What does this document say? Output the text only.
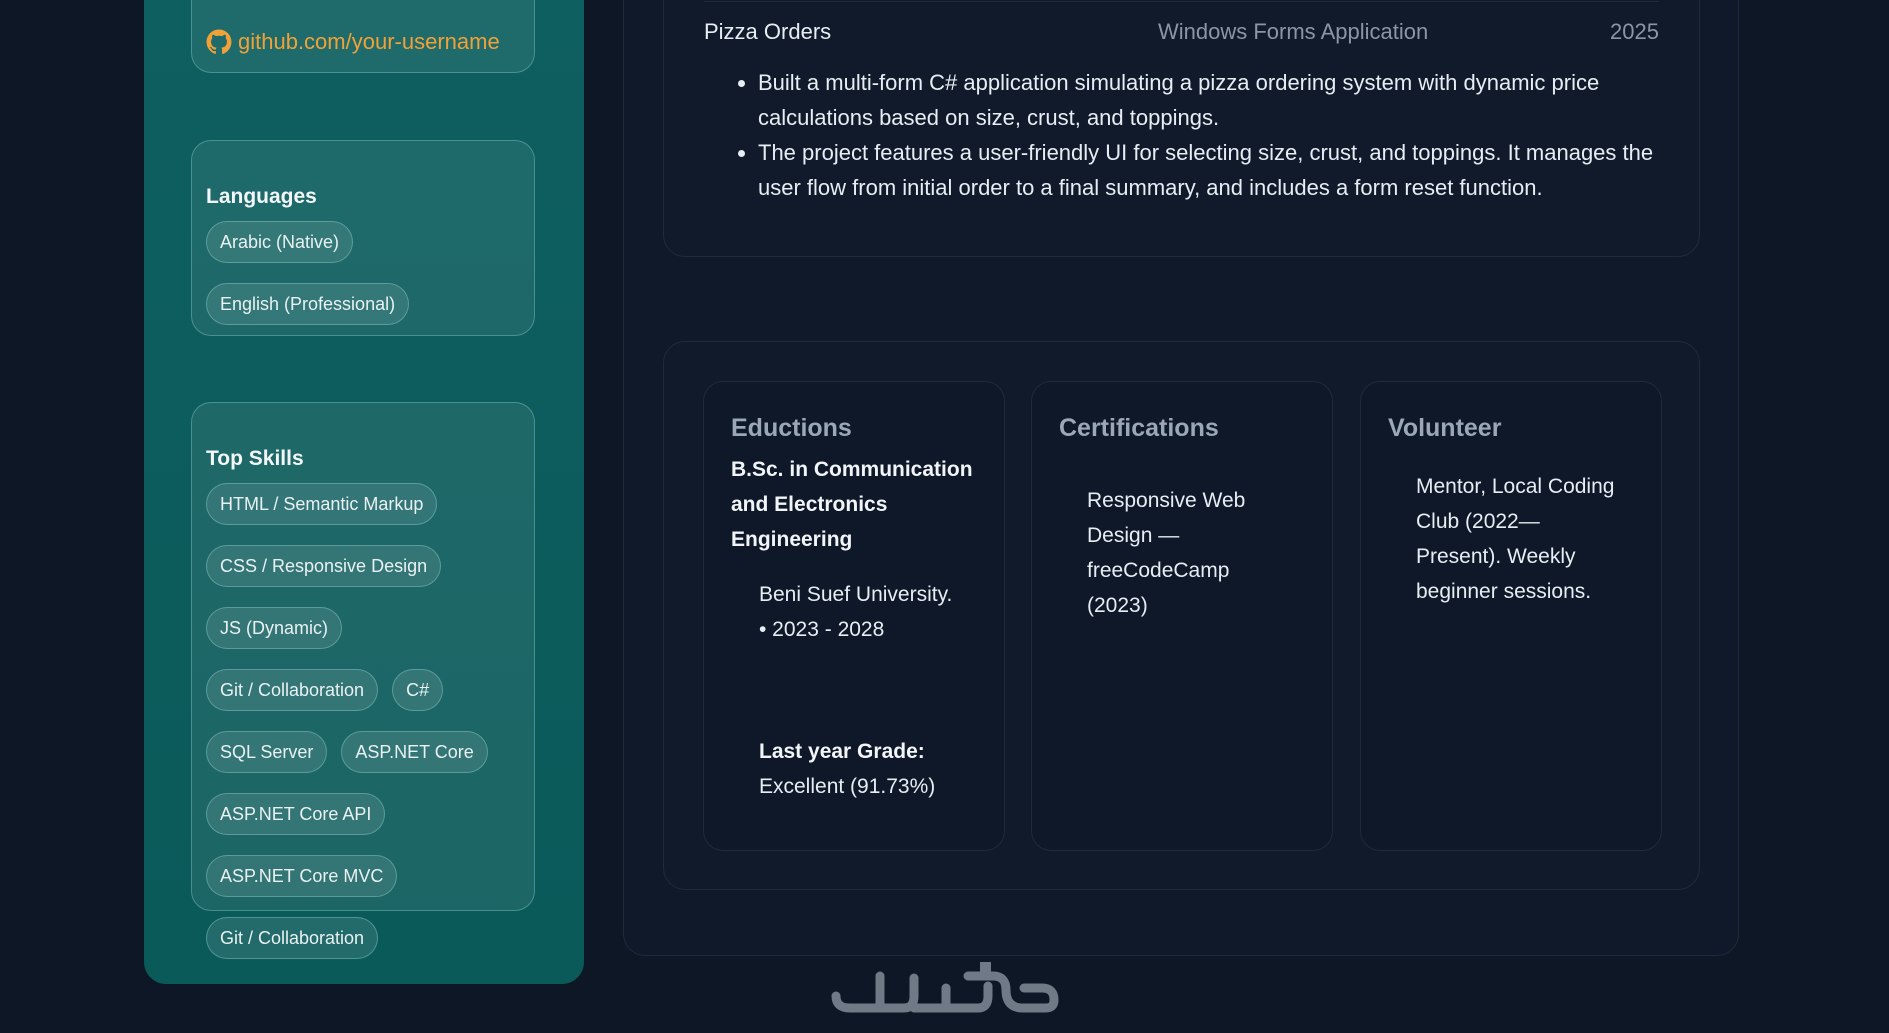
github.com/your-username
Languages
Arabic (Native)
English (Professional)
Top Skills
HTML / Semantic Markup
CSS / Responsive Design
JS (Dynamic)
Git / Collaboration	C#
SQL Server	ASP.NET Core
ASP.NET Core API
ASP.NET Core MVC
Git / Collaboration
Pizza Orders	Windows Forms Application	2025
• Built a multi-form C# application simulating a pizza ordering system with dynamic price calculations based on size, crust, and toppings.
• The project features a user-friendly UI for selecting size, crust, and toppings. It manages the user flow from initial order to a final summary, and includes a form reset function.
Eductions
B.Sc. in Communication and Electronics Engineering
Beni Suef University. • 2023 - 2028
Last year Grade:
Excellent (91.73%)
Certifications
Responsive Web Design — freeCodeCamp (2023)
Volunteer
Mentor, Local Coding Club (2022—Present). Weekly beginner sessions.
